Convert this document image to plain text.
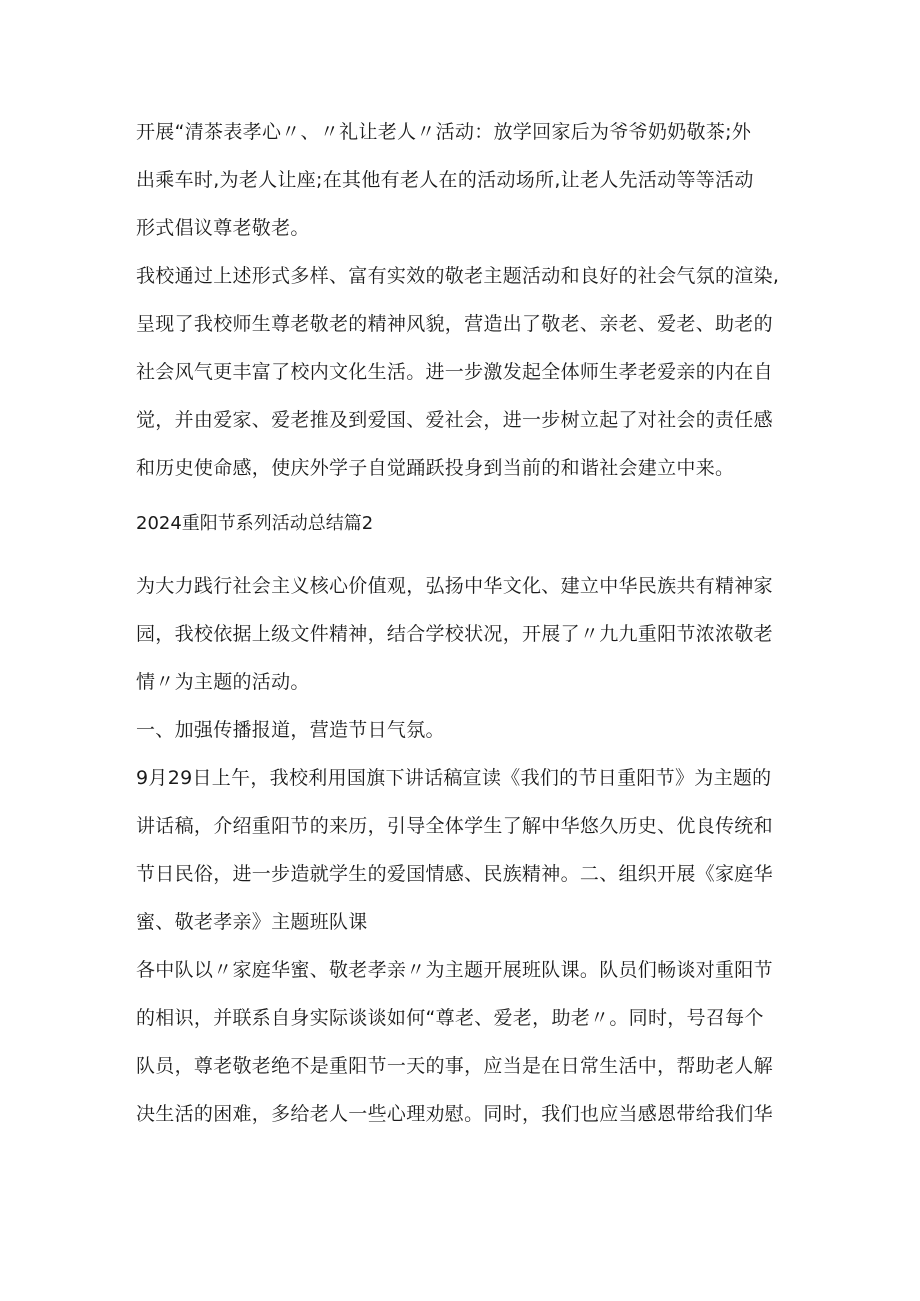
开展“清茶表孝心〃、〃礼让老人〃活动：放学回家后为爷爷奶奶敬茶;外
出乘车时,为老人让座;在其他有老人在的活动场所,让老人先活动等等活动
形式倡议尊老敬老。
我校通过上述形式多样、富有实效的敬老主题活动和良好的社会气氛的渲染,
呈现了我校师生尊老敬老的精神风貌，营造出了敬老、亲老、爱老、助老的
社会风气更丰富了校内文化生活。进一步激发起全体师生孝老爱亲的内在自
觉，并由爱家、爱老推及到爱国、爱社会，进一步树立起了对社会的责任感
和历史使命感，使庆外学子自觉踊跃投身到当前的和谐社会建立中来。
2024重阳节系列活动总结篇2
为大力践行社会主义核心价值观，弘扬中华文化、建立中华民族共有精神家
园，我校依据上级文件精神，结合学校状况，开展了〃九九重阳节浓浓敬老
情〃为主题的活动。
一、加强传播报道，营造节日气氛。
9月29日上午，我校利用国旗下讲话稿宣读《我们的节日重阳节》为主题的
讲话稿，介绍重阳节的来历，引导全体学生了解中华悠久历史、优良传统和
节日民俗，进一步造就学生的爱国情感、民族精神。二、组织开展《家庭华
蜜、敬老孝亲》主题班队课
各中队以〃家庭华蜜、敬老孝亲〃为主题开展班队课。队员们畅谈对重阳节
的相识，并联系自身实际谈谈如何“尊老、爱老，助老〃。同时，号召每个
队员，尊老敬老绝不是重阳节一天的事，应当是在日常生活中，帮助老人解
决生活的困难，多给老人一些心理劝慰。同时，我们也应当感恩带给我们华
